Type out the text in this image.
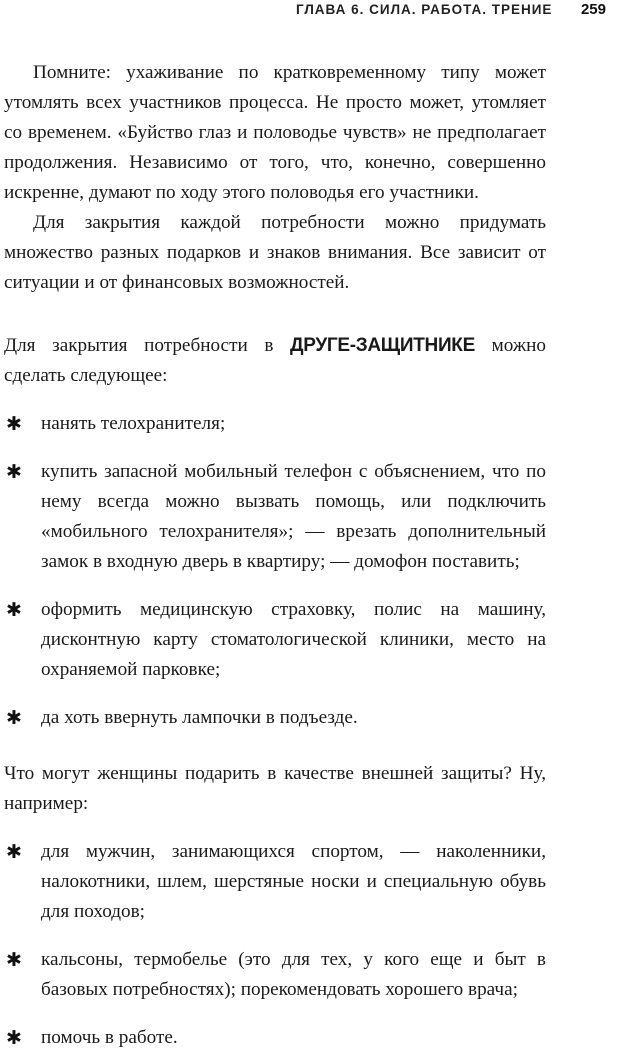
ГЛАВА 6. СИЛА. РАБОТА. ТРЕНИЕ 259

Помните: ухаживание по кратковременному типу может утомлять всех участников процесса. Не просто может, утомляет со временем. «Буйство глаз и половодье чувств» не предполагает продолжения. Независимо от того, что, конечно, совершенно искренне, думают по ходу этого половодья его участники.

Для закрытия каждой потребности можно придумать множество разных подарков и знаков внимания. Все зависит от ситуации и от финансовых возможностей.

Для закрытия потребности в ДРУГЕ-ЗАЩИТНИКЕ можно сделать следующее:

✱ нанять телохранителя;
✱ купить запасной мобильный телефон с объяснением, что по нему всегда можно вызвать помощь, или подключить «мобильного телохранителя»; — врезать дополнительный замок в входную дверь в квартиру; — домофон поставить;
✱ оформить медицинскую страховку, полис на машину, дисконтную карту стоматологической клиники, место на охраняемой парковке;
✱ да хоть ввернуть лампочки в подъезде.

Что могут женщины подарить в качестве внешней защиты? Ну, например:

✱ для мужчин, занимающихся спортом, — наколенники, налокотники, шлем, шерстяные носки и специальную обувь для походов;
✱ кальсоны, термобелье (это для тех, у кого еще и быт в базовых потребностях); порекомендовать хорошего врача;
✱ помочь в работе.
